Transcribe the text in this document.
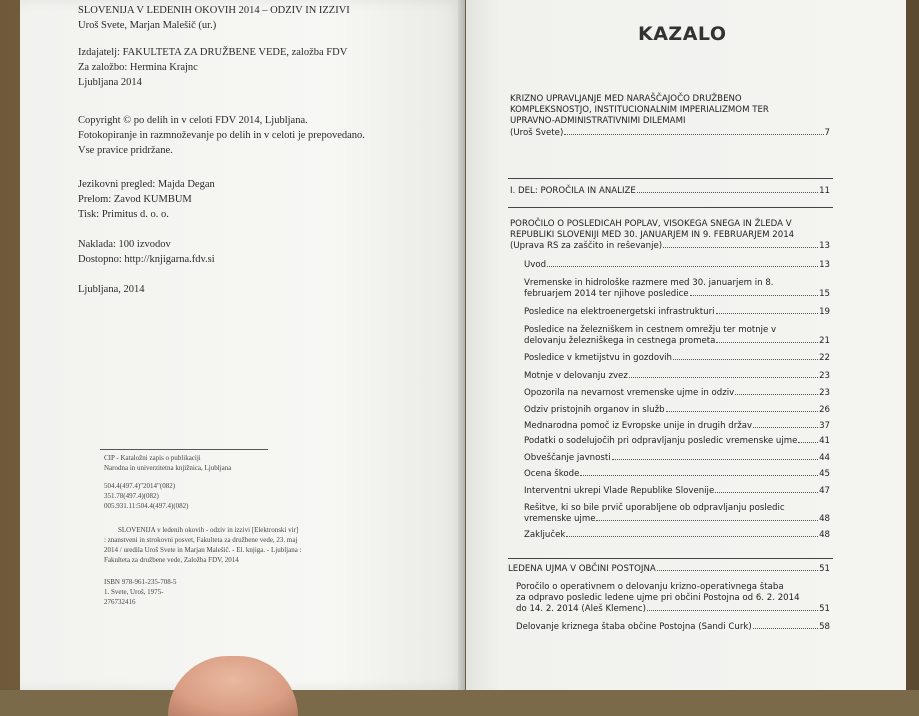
SLOVENIJA V LEDENIH OKOVIH 2014 – ODZIV IN IZZIVI
Uroš Svete, Marjan Malešič (ur.)
Izdajatelj: FAKULTETA ZA DRUŽBENE VEDE, založba FDV
Za založbo: Hermina Krajnc
Ljubljana 2014
Copyright © po delih in v celoti FDV 2014, Ljubljana.
Fotokopiranje in razmnoževanje po delih in v celoti je prepovedano.
Vse pravice pridržane.
Jezikovni pregled: Majda Degan
Prelom: Zavod KUMBUM
Tisk: Primitus d. o. o.
Naklada: 100 izvodov
Dostopno: http://knjigarna.fdv.si
Ljubljana, 2014
CIP - Kataložni zapis o publikaciji
Narodna in univerzitetna knjižnica, Ljubljana
504.4(497.4)"2014"(082)
351.78(497.4)(082)
005.931.11:504.4(497.4)(082)
SLOVENIJA v ledenih okovih - odziv in izzivi [Elektronski vir]
: znanstveni in strokovni posvet, Fakulteta za družbene vede, 23. maj
2014 / uredila Uroš Svete in Marjan Malešič. - El. knjiga. - Ljubljana :
Fakulteta za družbene vede, Založba FDV, 2014
ISBN 978-961-235-708-5
1. Svete, Uroš, 1975-
276732416
KAZALO
KRIZNO UPRAVLJANJE MED NARAŠČAJOČO DRUŽBENO
KOMPLEKSNOSTJO, INSTITUCIONALNIM IMPERIALIZMOM TER
UPRAVNO-ADMINISTRATIVNIMI DILEMAMI
(Uroš Svete)	7
I. DEL: POROČILA IN ANALIZE	11
POROČILO O POSLEDICAH POPLAV, VISOKEGA SNEGA IN ŽLEDA V
REPUBLIKI SLOVENIJI MED 30. JANUARJEM IN 9. FEBRUARJEM 2014
(Uprava RS za zaščito in reševanje)	13
Uvod	13
Vremenske in hidrološke razmere med 30. januarjem in 8.
februarjem 2014 ter njihove posledice	15
Posledice na elektroenergetski infrastrukturi	19
Posledice na železniškem in cestnem omrežju ter motnje v
delovanju železniškega in cestnega prometa	21
Posledice v kmetijstvu in gozdovih	22
Motnje v delovanju zvez	23
Opozorila na nevarnost vremenske ujme in odziv	23
Odziv pristojnih organov in služb	26
Mednarodna pomoč iz Evropske unije in drugih držav	37
Podatki o sodelujočih pri odpravljanju posledic vremenske ujme	41
Obveščanje javnosti	44
Ocena škode	45
Interventni ukrepi Vlade Republike Slovenije	47
Rešitve, ki so bile prvič uporabljene ob odpravljanju posledic
vremenske ujme	48
Zaključek	48
LEDENA UJMA V OBČINI POSTOJNA	51
Poročilo o operativnem o delovanju krizno-operativnega štaba
za odpravo posledic ledene ujme pri občini Postojna od 6. 2. 2014
do 14. 2. 2014 (Aleš Klemenc)	51
Delovanje kriznega štaba občine Postojna (Sandi Curk)	58
